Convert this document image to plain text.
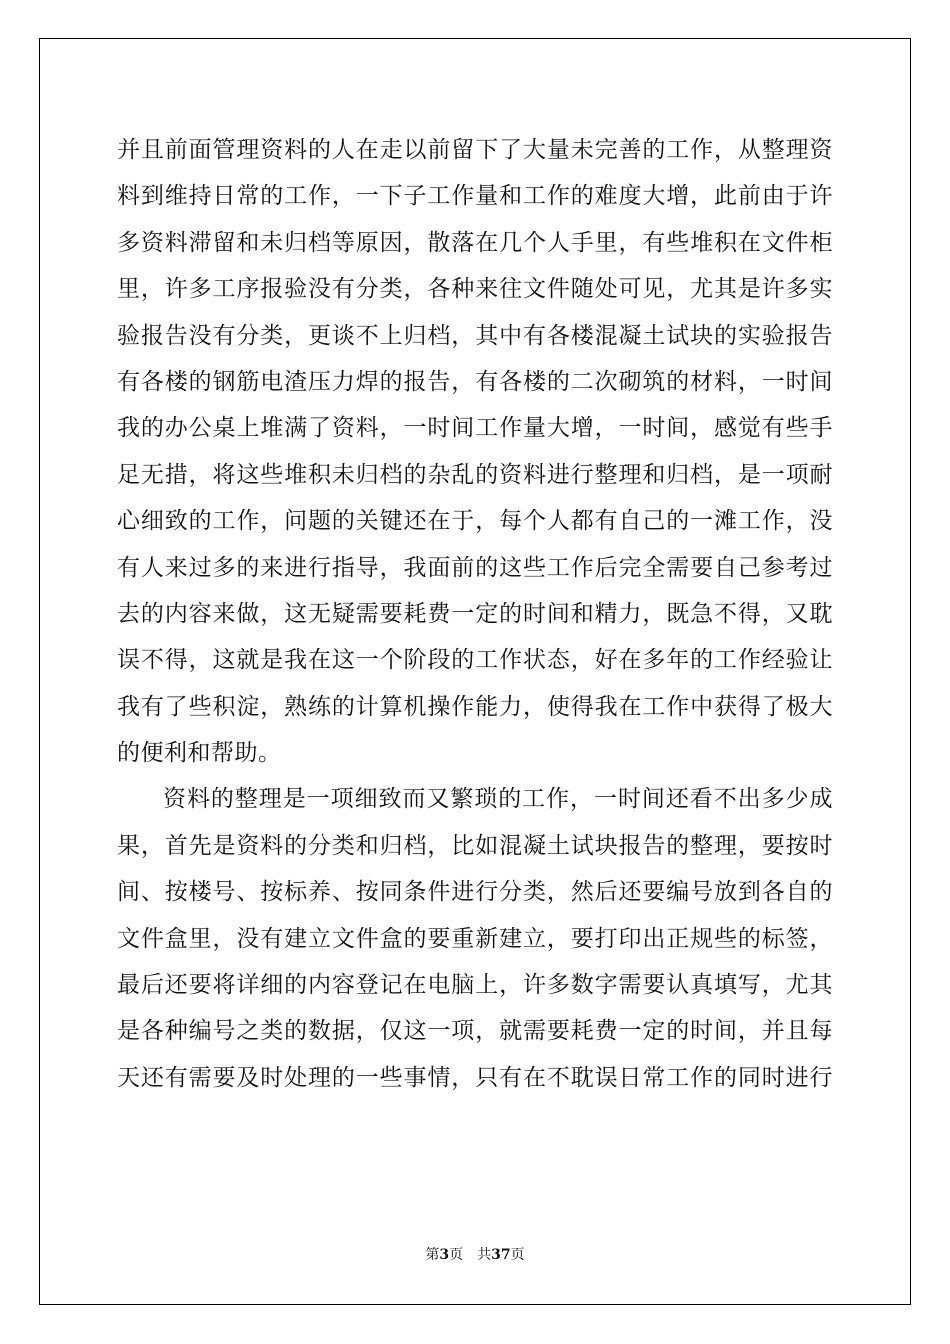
并且前面管理资料的人在走以前留下了大量未完善的工作，从整理资
料到维持日常的工作，一下子工作量和工作的难度大增，此前由于许
多资料滞留和未归档等原因，散落在几个人手里，有些堆积在文件柜
里，许多工序报验没有分类，各种来往文件随处可见，尤其是许多实
验报告没有分类，更谈不上归档，其中有各楼混凝土试块的实验报告
有各楼的钢筋电渣压力焊的报告，有各楼的二次砌筑的材料，一时间
我的办公桌上堆满了资料，一时间工作量大增，一时间，感觉有些手
足无措，将这些堆积未归档的杂乱的资料进行整理和归档，是一项耐
心细致的工作，问题的关键还在于，每个人都有自己的一滩工作，没
有人来过多的来进行指导，我面前的这些工作后完全需要自己参考过
去的内容来做，这无疑需要耗费一定的时间和精力，既急不得，又耽
误不得，这就是我在这一个阶段的工作状态，好在多年的工作经验让
我有了些积淀，熟练的计算机操作能力，使得我在工作中获得了极大
的便利和帮助。
资料的整理是一项细致而又繁琐的工作，一时间还看不出多少成
果，首先是资料的分类和归档，比如混凝土试块报告的整理，要按时
间、按楼号、按标养、按同条件进行分类，然后还要编号放到各自的
文件盒里，没有建立文件盒的要重新建立，要打印出正规些的标签，
最后还要将详细的内容登记在电脑上，许多数字需要认真填写，尤其
是各种编号之类的数据，仅这一项，就需要耗费一定的时间，并且每
天还有需要及时处理的一些事情，只有在不耽误日常工作的同时进行
第3页 共37页
